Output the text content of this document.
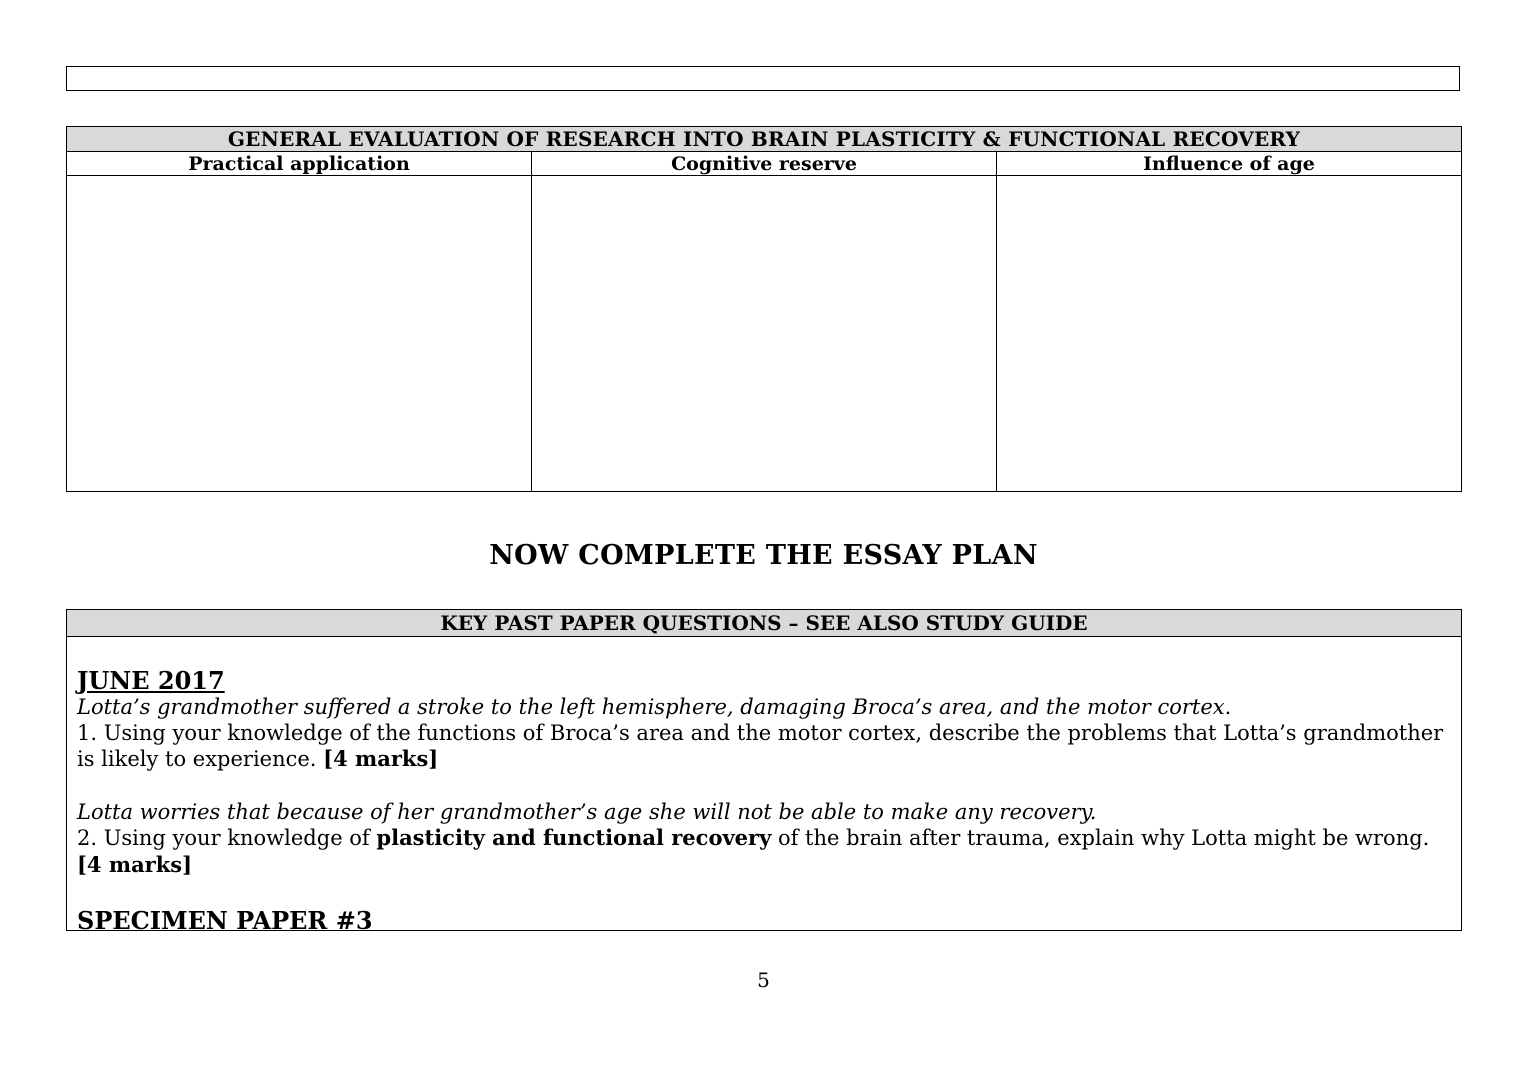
GENERAL EVALUATION OF RESEARCH INTO BRAIN PLASTICITY & FUNCTIONAL RECOVERY		
Practical application	Cognitive reserve	Influence of age

NOW COMPLETE THE ESSAY PLAN
KEY PAST PAPER QUESTIONS – SEE ALSO STUDY GUIDE
JUNE 2017
Lotta’s grandmother suffered a stroke to the left hemisphere, damaging Broca’s area, and the motor cortex.
1. Using your knowledge of the functions of Broca’s area and the motor cortex, describe the problems that Lotta’s grandmother is likely to experience. [4 marks]
Lotta worries that because of her grandmother’s age she will not be able to make any recovery.
2. Using your knowledge of plasticity and functional recovery of the brain after trauma, explain why Lotta might be wrong.
[4 marks]
SPECIMEN PAPER #3
5
